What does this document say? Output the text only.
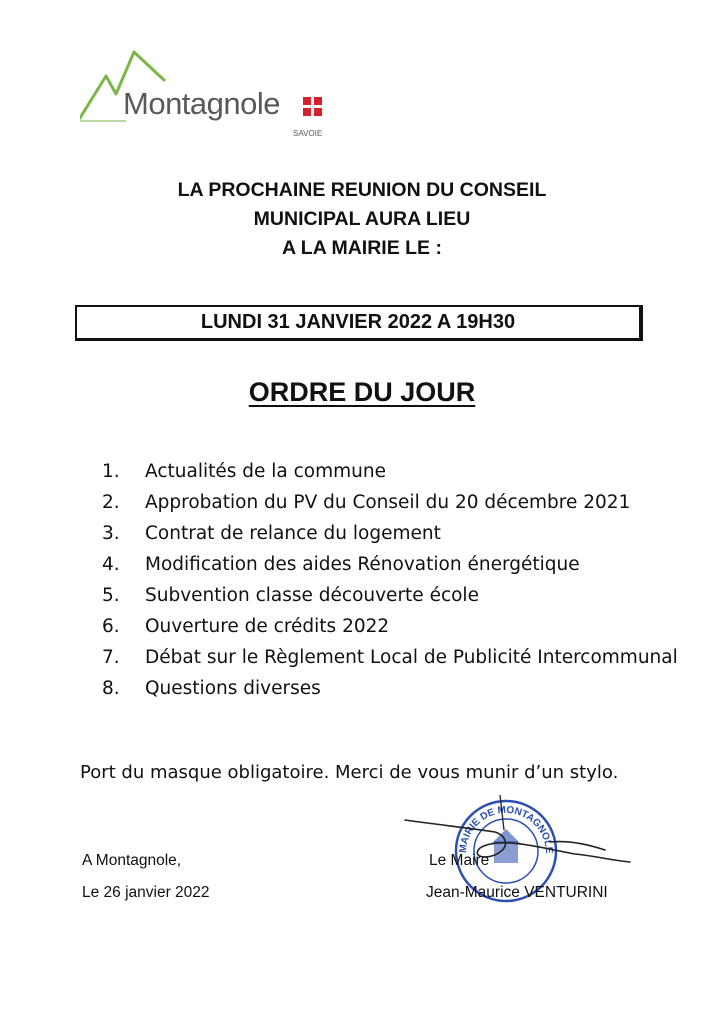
Montagnole
SAVOIE
LA PROCHAINE REUNION DU CONSEIL
MUNICIPAL AURA LIEU
A LA MAIRIE LE :
LUNDI 31 JANVIER 2022 A 19H30
ORDRE DU JOUR
1.	Actualités de la commune
2.	Approbation du PV du Conseil du 20 décembre 2021
3.	Contrat de relance du logement
4.	Modification des aides Rénovation énergétique
5.	Subvention classe découverte école
6.	Ouverture de crédits 2022
7.	Débat sur le Règlement Local de Publicité Intercommunal
8.	Questions diverses
Port du masque obligatoire. Merci de vous munir d’un stylo.
A Montagnole,
Le 26 janvier 2022
MAIRIE DE MONTAGNOLE
Le Maire
Jean-Maurice VENTURINI
